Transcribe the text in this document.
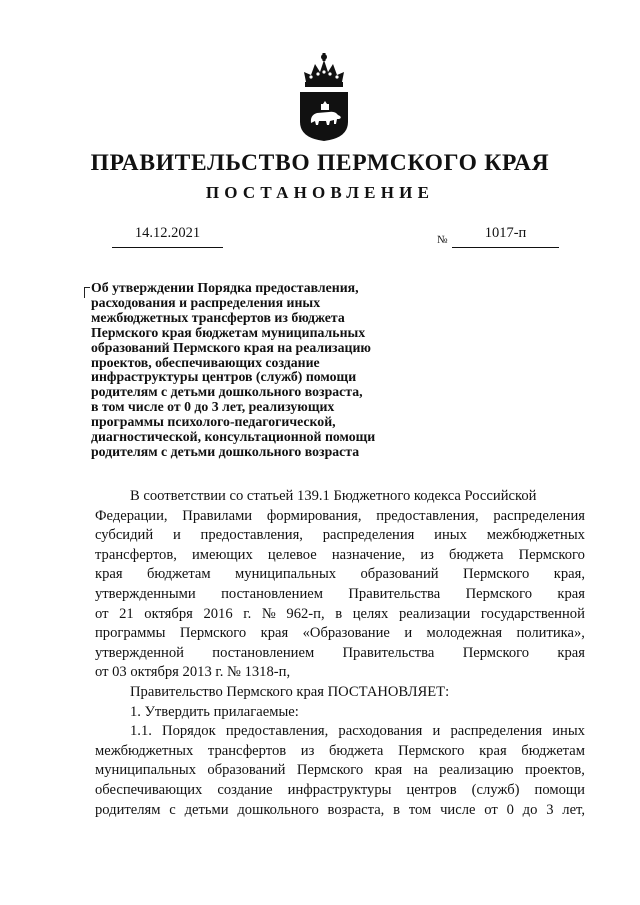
ПРАВИТЕЛЬСТВО ПЕРМСКОГО КРАЯ
ПОСТАНОВЛЕНИЕ
14.12.2021	№	1017-п
Об утверждении Порядка предоставления,
расходования и распределения иных
межбюджетных трансфертов из бюджета
Пермского края бюджетам муниципальных
образований Пермского края на реализацию
проектов, обеспечивающих создание
инфраструктуры центров (служб) помощи
родителям с детьми дошкольного возраста,
в том числе от 0 до 3 лет, реализующих
программы психолого-педагогической,
диагностической, консультационной помощи
родителям с детьми дошкольного возраста
В соответствии со статьей 139.1 Бюджетного кодекса Российской
Федерации, Правилами формирования, предоставления, распределения
субсидий и предоставления, распределения иных межбюджетных
трансфертов, имеющих целевое назначение, из бюджета Пермского
края бюджетам муниципальных образований Пермского края,
утвержденными постановлением Правительства Пермского края
от 21 октября 2016 г. № 962-п, в целях реализации государственной
программы Пермского края «Образование и молодежная политика»,
утвержденной постановлением Правительства Пермского края
от 03 октября 2013 г. № 1318-п,
Правительство Пермского края ПОСТАНОВЛЯЕТ:
1. Утвердить прилагаемые:
1.1. Порядок предоставления, расходования и распределения иных
межбюджетных трансфертов из бюджета Пермского края бюджетам
муниципальных образований Пермского края на реализацию проектов,
обеспечивающих создание инфраструктуры центров (служб) помощи
родителям с детьми дошкольного возраста, в том числе от 0 до 3 лет,
